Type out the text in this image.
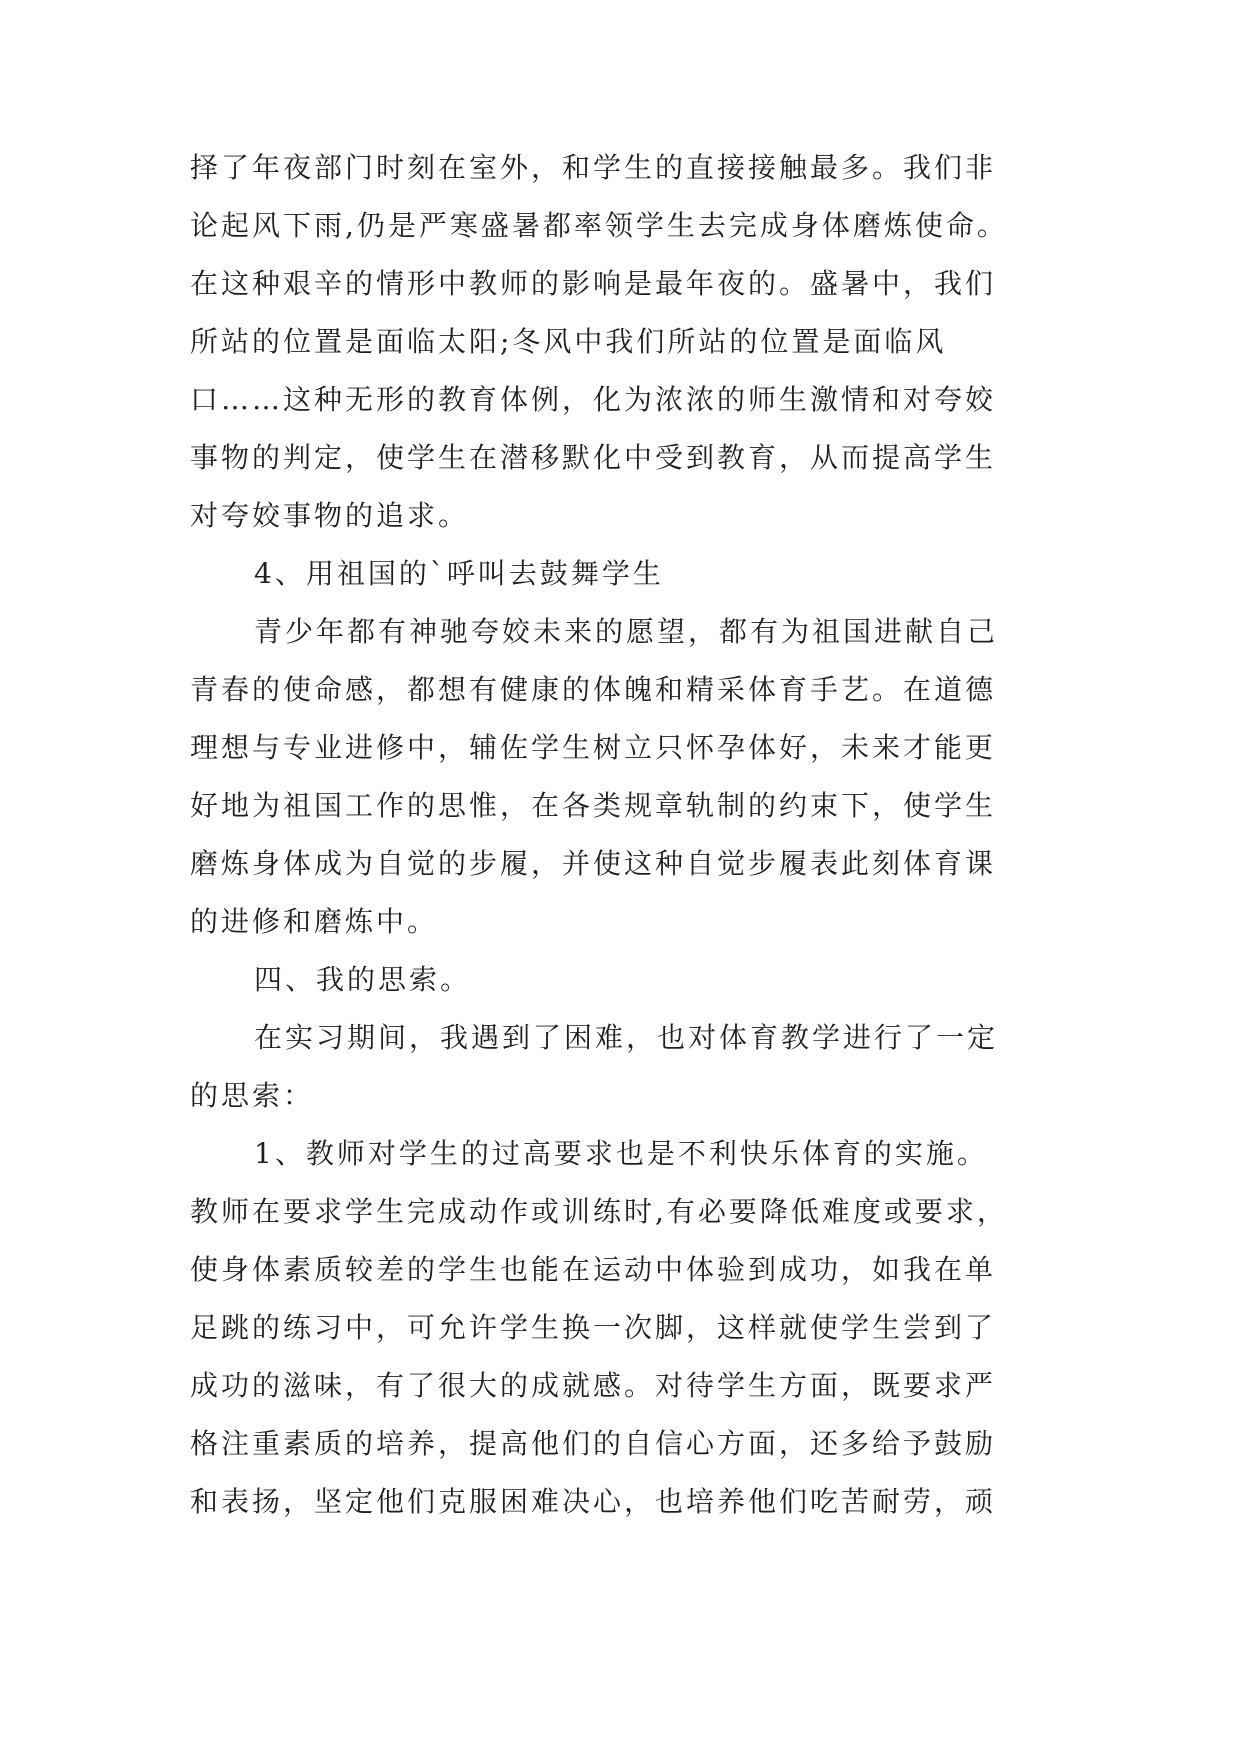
择了年夜部门时刻在室外，和学生的直接接触最多。我们非
论起风下雨,仍是严寒盛暑都率领学生去完成身体磨炼使命。
在这种艰辛的情形中教师的影响是最年夜的。盛暑中，我们
所站的位置是面临太阳;冬风中我们所站的位置是面临风
口……这种无形的教育体例，化为浓浓的师生激情和对夸姣
事物的判定，使学生在潜移默化中受到教育，从而提高学生
对夸姣事物的追求。
4、用祖国的`呼叫去鼓舞学生
青少年都有神驰夸姣未来的愿望，都有为祖国进献自己
青春的使命感，都想有健康的体魄和精采体育手艺。在道德
理想与专业进修中，辅佐学生树立只怀孕体好，未来才能更
好地为祖国工作的思惟，在各类规章轨制的约束下，使学生
磨炼身体成为自觉的步履，并使这种自觉步履表此刻体育课
的进修和磨炼中。
四、我的思索。
在实习期间，我遇到了困难，也对体育教学进行了一定
的思索：
1、教师对学生的过高要求也是不利快乐体育的实施。
教师在要求学生完成动作或训练时,有必要降低难度或要求，
使身体素质较差的学生也能在运动中体验到成功，如我在单
足跳的练习中，可允许学生换一次脚，这样就使学生尝到了
成功的滋味，有了很大的成就感。对待学生方面，既要求严
格注重素质的培养，提高他们的自信心方面，还多给予鼓励
和表扬，坚定他们克服困难决心，也培养他们吃苦耐劳，顽
